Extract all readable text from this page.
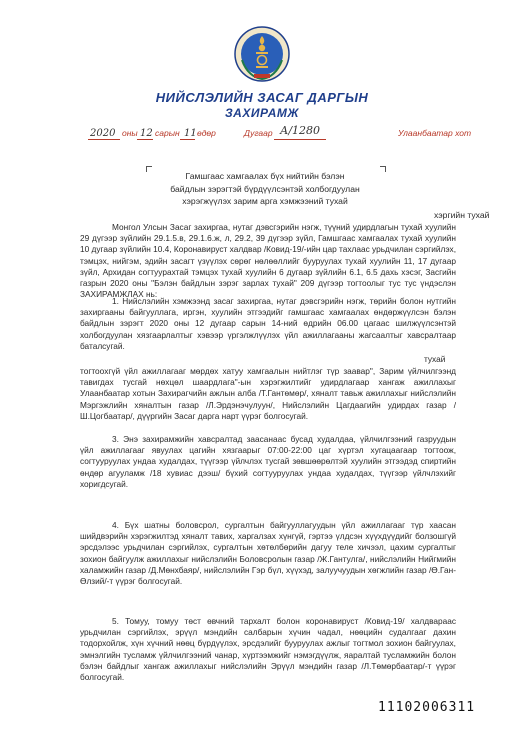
НИЙСЛЭЛИЙН ЗАСАГ ДАРГЫН
ЗАХИРАМЖ
2020 оны 12 сарын 11 өдөр	Дугаар А/1280	Улаанбаатар хот
Гамшгаас хамгаалах бүх нийтийн бэлэн
байдлын зэрэгтэй бүрдүүлсэнтэй холбогдуулан
хэрэгжүүлэх зарим арга хэмжээний тухай
хэргийн тухай
Монгол Улсын Засаг захиргаа, нутаг дэвсгэрийн нэгж, түүний удирдлагын тухай хуулийн 29 дүгээр зүйлийн 29.1.5.в, 29.1.6.ж, л, 29.2, 39 дүгээр зүйл, Гамшгаас хамгаалах тухай хуулийн 10 дугаар зүйлийн 10.4, Коронавируст халдвар /Ковид-19/-ийн цар тахлаас урьдчилан сэргийлэх, тэмцэх, нийгэм, эдийн засагт үзүүлэх сөрөг нөлөөллийг бууруулах тухай хуулийн 11, 17 дугаар зүйл, Архидан согтуурахтай тэмцэх тухай хуулийн 6 дугаар зүйлийн 6.1, 6.5 дахь хэсэг, Засгийн газрын 2020 оны "Бэлэн байдлын зэрэг зарлах тухай" 209 дүгээр тогтоолыг тус тус үндэслэн ЗАХИРАМЖЛАХ нь:
1. Нийслэлийн хэмжээнд засаг захиргаа, нутаг дэвсгэрийн нэгж, төрийн болон нутгийн захиргааны байгууллага, иргэн, хуулийн этгээдийг гамшгаас хамгаалах өндөржүүлсэн бэлэн байдлын зэрэгт 2020 оны 12 дугаар сарын 14-ний өдрийн 06.00 цагаас шилжүүлсэнтэй холбогдуулан хязгаарлалтыг хэвээр үргэлжлүүлэх үйл ажиллагааны жагсаалтыг хавсралтаар баталсугай.
тухай
тогтоохгүй үйл ажиллагааг мөрдөх хатуу хамгаалын нийтлэг түр заавар", Зарим үйлчилгээнд тавигдах тусгай нөхцөл шаардлага"-ын хэрэгжилтийг удирдлагаар хангаж ажиллахыг Улаанбаатар хотын Захирагчийн ажлын алба /Т.Гантөмөр/, хяналт тавьж ажиллахыг нийслэлийн Мэргэжлийн хяналтын газар /Л.Эрдэнэчулуун/, Нийслэлийн Цагдаагийн удирдах газар /Ш.Цогбаатар/, дүүргийн Засаг дарга нарт үүрэг болгосугай.
3. Энэ захирамжийн хавсралтад заасанаас бусад худалдаа, үйлчилгээний газруудын үйл ажиллагааг явуулах цагийн хязгаарыг 07:00-22:00 цаг хүртэл хугацаагаар тогтоож, согтууруулах ундаа худалдах, түүгээр үйлчлэх тусгай зөвшөөрөлтэй хуулийн этгээдэд спиртийн өндөр агууламж /18 хувиас дээш/ бүхий согтууруулах ундаа худалдах, түүгээр үйлчлэхийг хоригдсугай.
4. Бүх шатны боловсрол, сургалтын байгууллагуудын үйл ажиллагааг түр хаасан шийдвэрийн хэрэгжилтэд хяналт тавих, харгалзах хүнгүй, гэртээ үлдсэн хүүхдүүдийг болзошгүй эрсдэлээс урьдчилан сэргийлэх, сургалтын хөтөлбөрийн дагуу теле хичээл, цахим сургалтыг зохион байгуулж ажиллахыг нийслэлийн Боловсролын газар /Ж.Гантулга/, нийслэлийн Нийгмийн халамжийн газар /Д.Мөнхбаяр/, нийслэлийн Гэр бүл, хүүхэд, залуучуудын хөгжлийн газар /Ө.Ган-Өлзий/-т үүрэг болгосугай.
5. Томуу, томуу төст өвчний тархалт болон коронавируст /Ковид-19/ халдвараас урьдчилан сэргийлэх, эрүүл мэндийн салбарын хүчин чадал, нөөцийн судалгааг дахин тодорхойлж, хүн хүчний нөөц бүрдүүлэх, эрсдэлийг бууруулах ажлыг тогтмол зохион байгуулах, эмнэлгийн тусламж үйлчилгээний чанар, хүртээмжийг нэмэгдүүлж, яаралтай тусламжийн болон бэлэн байдлыг хангаж ажиллахыг нийслэлийн Эрүүл мэндийн газар /Л.Төмөрбаатар/-т үүрэг болгосугай.
11102006311
